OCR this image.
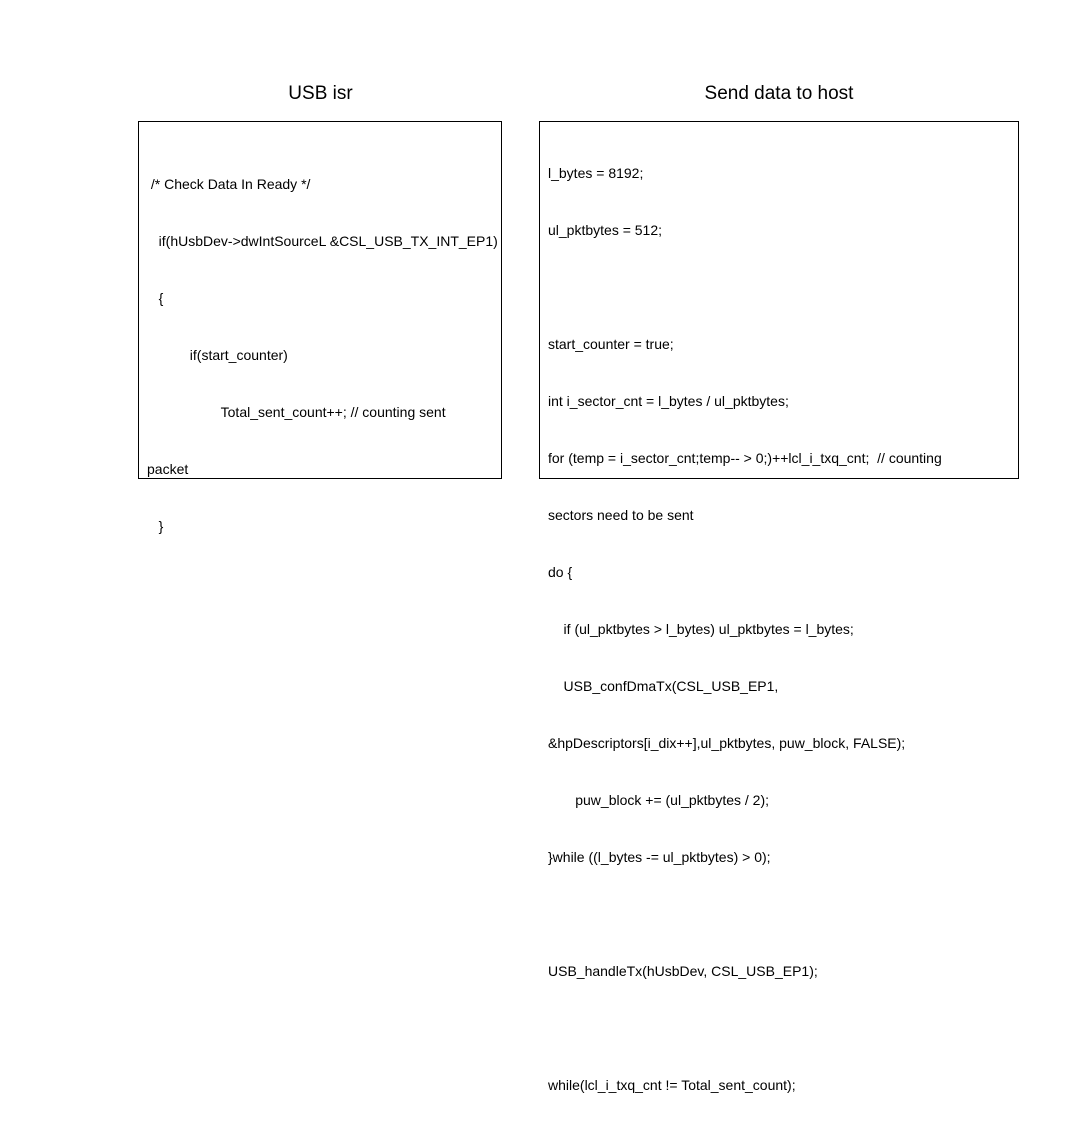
USB isr	Send data to host

/* Check Data In Ready */

if(hUsbDev->dwIntSourceL &CSL_USB_TX_INT_EP1)

{

if(start_counter)

Total_sent_count++; // counting sent

packet

}

l_bytes = 8192;

ul_pktbytes = 512;

start_counter = true;

int i_sector_cnt = l_bytes / ul_pktbytes;

for (temp = i_sector_cnt;temp-- > 0;)++lcl_i_txq_cnt;  // counting

sectors need to be sent

do {

if (ul_pktbytes > l_bytes) ul_pktbytes = l_bytes;

USB_confDmaTx(CSL_USB_EP1,

&hpDescriptors[i_dix++],ul_pktbytes, puw_block, FALSE);

puw_block += (ul_pktbytes / 2);

}while ((l_bytes -= ul_pktbytes) > 0);

USB_handleTx(hUsbDev, CSL_USB_EP1);

while(lcl_i_txq_cnt != Total_sent_count);
